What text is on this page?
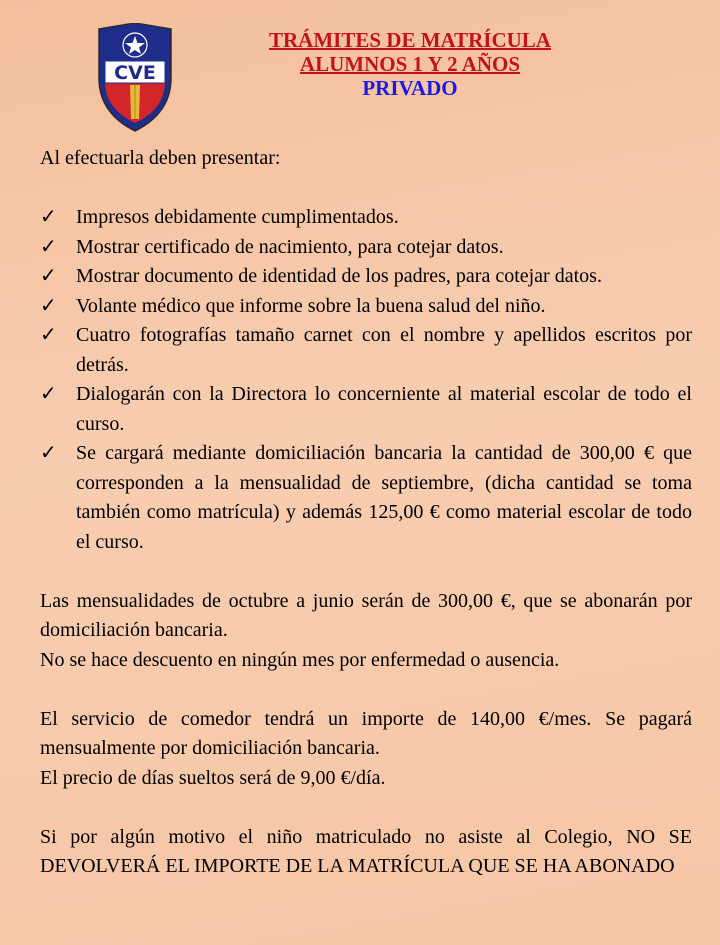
CVE
TRÁMITES DE MATRÍCULA
ALUMNOS 1 Y 2 AÑOS
PRIVADO

Al efectuarla deben presentar:

✓ Impresos debidamente cumplimentados.
✓ Mostrar certificado de nacimiento, para cotejar datos.
✓ Mostrar documento de identidad de los padres, para cotejar datos.
✓ Volante médico que informe sobre la buena salud del niño.
✓ Cuatro fotografías tamaño carnet con el nombre y apellidos escritos por detrás.
✓ Dialogarán con la Directora lo concerniente al material escolar de todo el curso.
✓ Se cargará mediante domiciliación bancaria la cantidad de 300,00 € que corresponden a la mensualidad de septiembre, (dicha cantidad se toma también como matrícula) y además 125,00 € como material escolar de todo el curso.

Las mensualidades de octubre a junio serán de 300,00 €, que se abonarán por domiciliación bancaria.

No se hace descuento en ningún mes por enfermedad o ausencia.

El servicio de comedor tendrá un importe de 140,00 €/mes. Se pagará mensualmente por domiciliación bancaria.

El precio de días sueltos será de 9,00 €/día.

Si por algún motivo el niño matriculado no asiste al Colegio, NO SE DEVOLVERÁ EL IMPORTE DE LA MATRÍCULA QUE SE HA ABONADO
